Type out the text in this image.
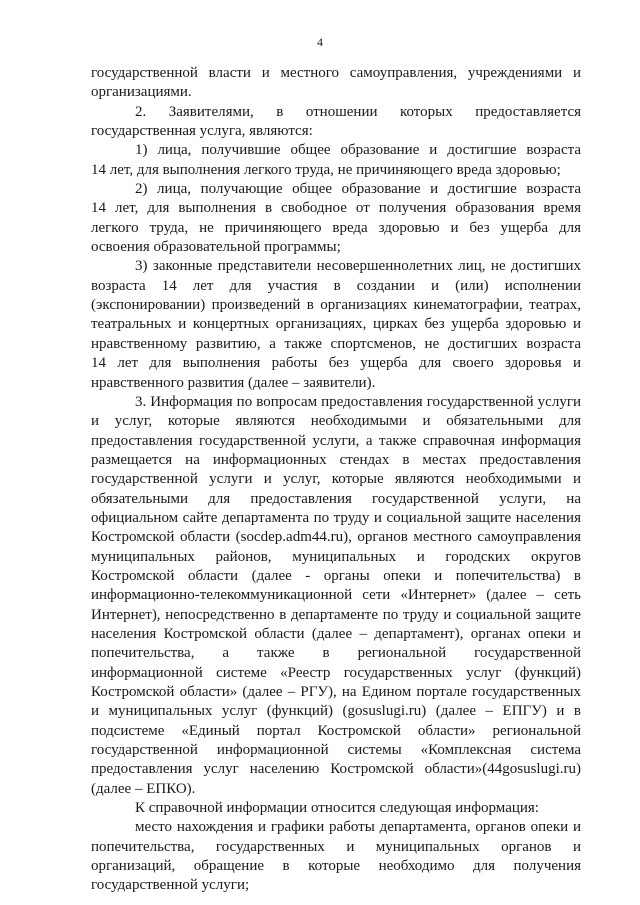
4

государственной власти и местного самоуправления, учреждениями и

организациями.

2. Заявителями, в отношении которых предоставляется

государственная услуга, являются:

1) лица, получившие общее образование и достигшие возраста

14 лет, для выполнения легкого труда, не причиняющего вреда здоровью;

2) лица, получающие общее образование и достигшие возраста

14 лет, для выполнения в свободное от получения образования время

легкого труда, не причиняющего вреда здоровью и без ущерба для

освоения образовательной программы;

3) законные представители несовершеннолетних лиц, не достигших

возраста 14 лет для участия в создании и (или) исполнении

(экспонировании) произведений в организациях кинематографии, театрах,

театральных и концертных организациях, цирках без ущерба здоровью и

нравственному развитию, а также спортсменов, не достигших возраста

14 лет для выполнения работы без ущерба для своего здоровья и

нравственного развития (далее – заявители).

3. Информация по вопросам предоставления государственной услуги

и услуг, которые являются необходимыми и обязательными для

предоставления государственной услуги, а также справочная информация

размещается на информационных стендах в местах предоставления

государственной услуги и услуг, которые являются необходимыми и

обязательными для предоставления государственной услуги, на

официальном сайте департамента по труду и социальной защите населения

Костромской области (socdep.adm44.ru), органов местного самоуправления

муниципальных районов, муниципальных и городских округов

Костромской области (далее - органы опеки и попечительства) в

информационно-телекоммуникационной сети «Интернет» (далее – сеть

Интернет), непосредственно в департаменте по труду и социальной защите

населения Костромской области (далее – департамент), органах опеки и

попечительства, а также в региональной государственной

информационной системе «Реестр государственных услуг (функций)

Костромской области» (далее – РГУ), на Едином портале государственных

и муниципальных услуг (функций) (gosuslugi.ru) (далее – ЕПГУ) и в

подсистеме «Единый портал Костромской области» региональной

государственной информационной системы «Комплексная система

предоставления услуг населению Костромской области»(44gosuslugi.ru)

(далее – ЕПКО).

К справочной информации относится следующая информация:

место нахождения и графики работы департамента, органов опеки и

попечительства, государственных и муниципальных органов и

организаций, обращение в которые необходимо для получения

государственной услуги;
